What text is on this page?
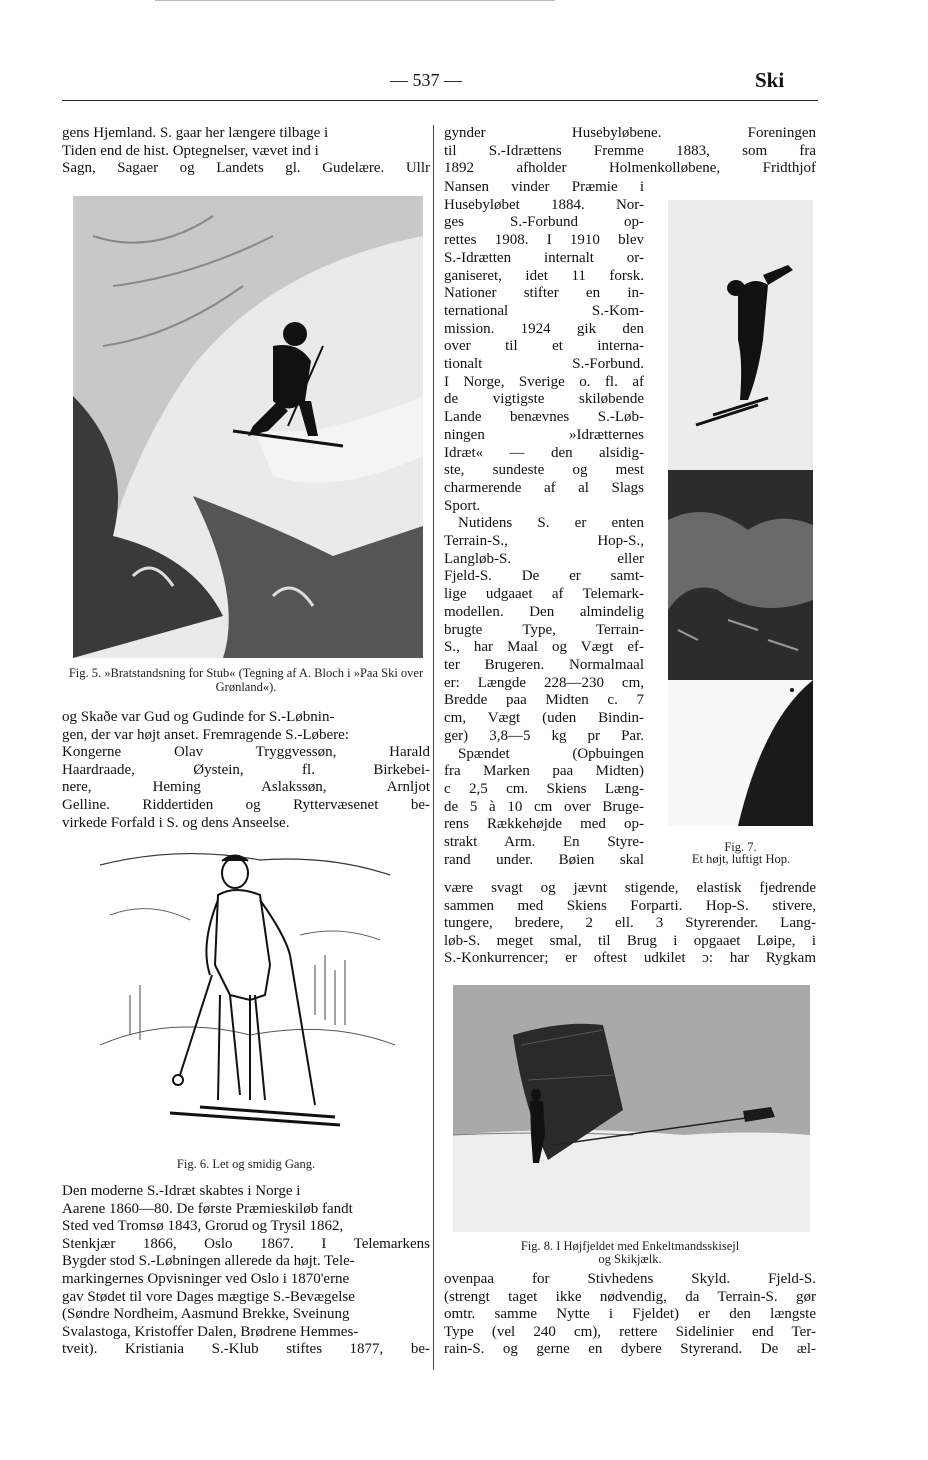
— 537 —	Ski
gens Hjemland. S. gaar her længere tilbage i
Tiden end de hist. Optegnelser, vævet ind i
Sagn, Sagaer og Landets gl. Gudelære. Ullr
Fig. 5. »Bratstandsning for Stub« (Tegning af A. Bloch i »Paa Ski over Grønland«).
og Skaðe var Gud og Gudinde for S.-Løbnin-
gen, der var højt anset. Fremragende S.-Løbere:
Kongerne Olav Tryggvessøn, Harald
Haardraade, Øystein, fl. Birkebei-
nere, Heming Aslakssøn, Arnljot
Gelline. Riddertiden og Ryttervæsenet be-
virkede Forfald i S. og dens Anseelse.
Fig. 6. Let og smidig Gang.
Den moderne S.-Idræt skabtes i Norge i
Aarene 1860—80. De første Præmieskiløb fandt
Sted ved Tromsø 1843, Grorud og Trysil 1862,
Stenkjær 1866, Oslo 1867. I Telemarkens
Bygder stod S.-Løbningen allerede da højt. Tele-
markingernes Opvisninger ved Oslo i 1870'erne
gav Stødet til vore Dages mægtige S.-Bevægelse
(Søndre Nordheim, Aasmund Brekke, Sveinung
Svalastoga, Kristoffer Dalen, Brødrene Hemmes-
tveit). Kristiania S.-Klub stiftes 1877, be-
gynder Husebyløbene. Foreningen
til S.-Idrættens Fremme 1883, som fra
1892 afholder Holmenkolløbene, Fridthjof
Nansen vinder Præmie i
Husebyløbet 1884. Nor-
ges S.-Forbund op-
rettes 1908. I 1910 blev
S.-Idrætten internalt or-
ganiseret, idet 11 forsk.
Nationer stifter en in-
ternational S.-Kom-
mission. 1924 gik den
over til et interna-
tionalt S.-Forbund.
I Norge, Sverige o. fl. af
de vigtigste skiløbende
Lande benævnes S.-Løb-
ningen »Idrætternes
Idræt« — den alsidig-
ste, sundeste og mest
charmerende af al Slags
Sport.
Nutidens S. er enten
Terrain-S., Hop-S.,
Langløb-S. eller
Fjeld-S. De er samt-
lige udgaaet af Telemark-
modellen. Den almindelig
brugte Type, Terrain-
S., har Maal og Vægt ef-
ter Brugeren. Normalmaal
er: Længde 228—230 cm,
Bredde paa Midten c. 7
cm, Vægt (uden Bindin-
ger) 3,8—5 kg pr Par.
Spændet (Opbuingen
fra Marken paa Midten)
c 2,5 cm. Skiens Læng-
de 5 à 10 cm over Bruge-
rens Rækkehøjde med op-
strakt Arm. En Styre-
rand under. Bøien skal
Fig. 7.
Et højt, luftigt Hop.
være svagt og jævnt stigende, elastisk fjedrende
sammen med Skiens Forparti. Hop-S. stivere,
tungere, bredere, 2 ell. 3 Styrerender. Lang-
løb-S. meget smal, til Brug i opgaaet Løipe, i
S.-Konkurrencer; er oftest udkilet ɔ: har Rygkam
Fig. 8. I Højfjeldet med Enkeltmandsskisejl
og Skikjælk.
ovenpaa for Stivhedens Skyld. Fjeld-S.
(strengt taget ikke nødvendig, da Terrain-S. gør
omtr. samme Nytte i Fjeldet) er den længste
Type (vel 240 cm), rettere Sidelinier end Ter-
rain-S. og gerne en dybere Styrerand. De æl-
